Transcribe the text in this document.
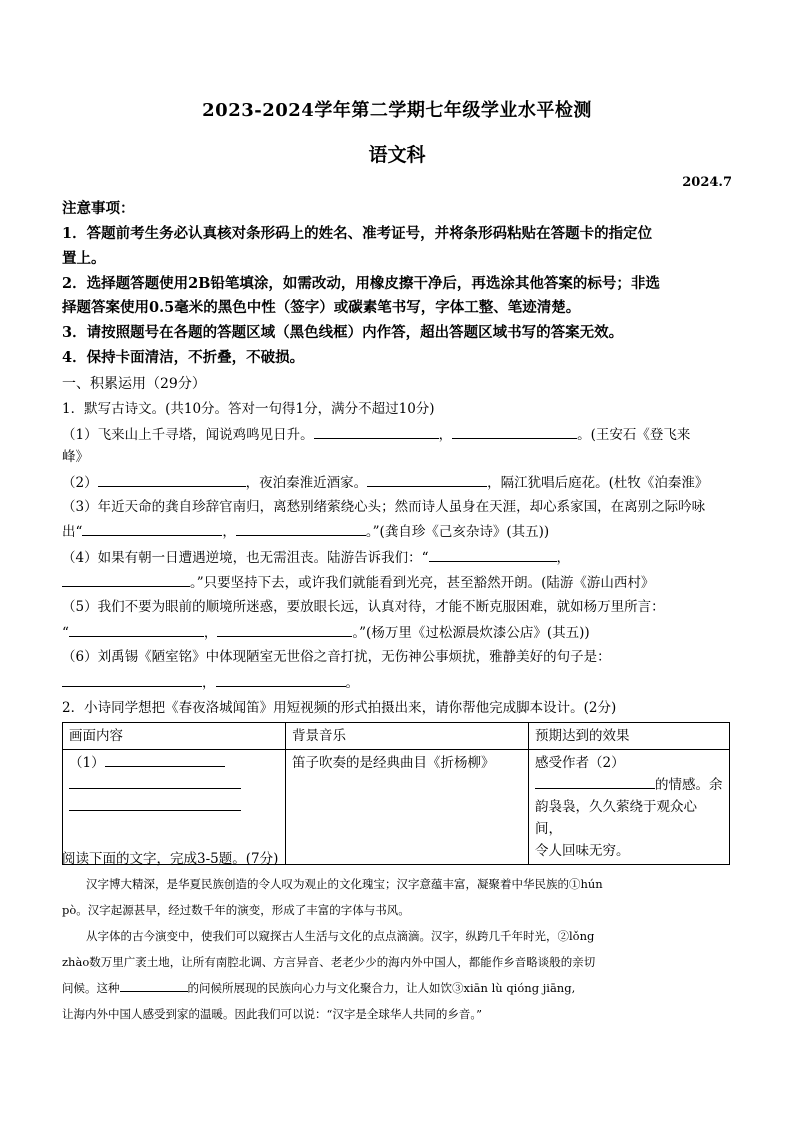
2023-2024学年第二学期七年级学业水平检测
语文科
2024.7
注意事项：
1．答题前考生务必认真核对条形码上的姓名、准考证号，并将条形码粘贴在答题卡的指定位
置上。
2．选择题答题使用2B铅笔填涂，如需改动，用橡皮擦干净后，再选涂其他答案的标号；非选
择题答案使用0.5毫米的黑色中性（签字）或碳素笔书写，字体工整、笔迹清楚。
3．请按照题号在各题的答题区域（黑色线框）内作答，超出答题区域书写的答案无效。
4．保持卡面清洁，不折叠，不破损。
一、积累运用（29分）
1．默写古诗文。(共10分。答对一句得1分，满分不超过10分)
（1）飞来山上千寻塔，闻说鸡鸣见日升。	，	。(王安石《登飞来
峰》
（2）	，夜泊秦淮近酒家。	，隔江犹唱后庭花。(杜牧《泊秦淮》
（3）年近天命的龚自珍辞官南归，离愁别绪萦绕心头；然而诗人虽身在天涯，却心系家国，在离别之际吟咏
出“	，	。”(龚自珍《己亥杂诗》(其五))
（4）如果有朝一日遭遇逆境，也无需沮丧。陆游告诉我们：“	，
。”只要坚持下去，或许我们就能看到光亮，甚至豁然开朗。(陆游《游山西村》
（5）我们不要为眼前的顺境所迷惑，要放眼长远，认真对待，才能不断克服困难，就如杨万里所言：
“	，	。”(杨万里《过松源晨炊漆公店》(其五))
（6）刘禹锡《陋室铭》中体现陋室无世俗之音打扰，无伤神公事烦扰，雅静美好的句子是：
，	。
2．小诗同学想把《春夜洛城闻笛》用短视频的形式拍摄出来，请你帮他完成脚本设计。(2分)
画面内容	背景音乐	预期达到的效果

（1）	笛子吹奏的是经典曲目《折杨柳》	感受作者（2）
的情感。余
韵袅袅，久久萦绕于观众心间，
令人回味无穷。
阅读下面的文字，完成3-5题。(7分)
汉字博大精深，是华夏民族创造的令人叹为观止的文化瑰宝；汉字意蕴丰富，凝聚着中华民族的①hún
pò。汉字起源甚早，经过数千年的演变，形成了丰富的字体与书风。
从字体的古今演变中，使我们可以窥探古人生活与文化的点点滴滴。汉字，纵跨几千年时光，②lǒng
zhào数万里广袤土地，让所有南腔北调、方言异音、老老少少的海内外中国人，都能作乡音略谈般的亲切
问候。这种	的问候所展现的民族向心力与文化聚合力，让人如饮③xiān lù qióng jiāng,
让海内外中国人感受到家的温暖。因此我们可以说：“汉字是全球华人共同的乡音。”
